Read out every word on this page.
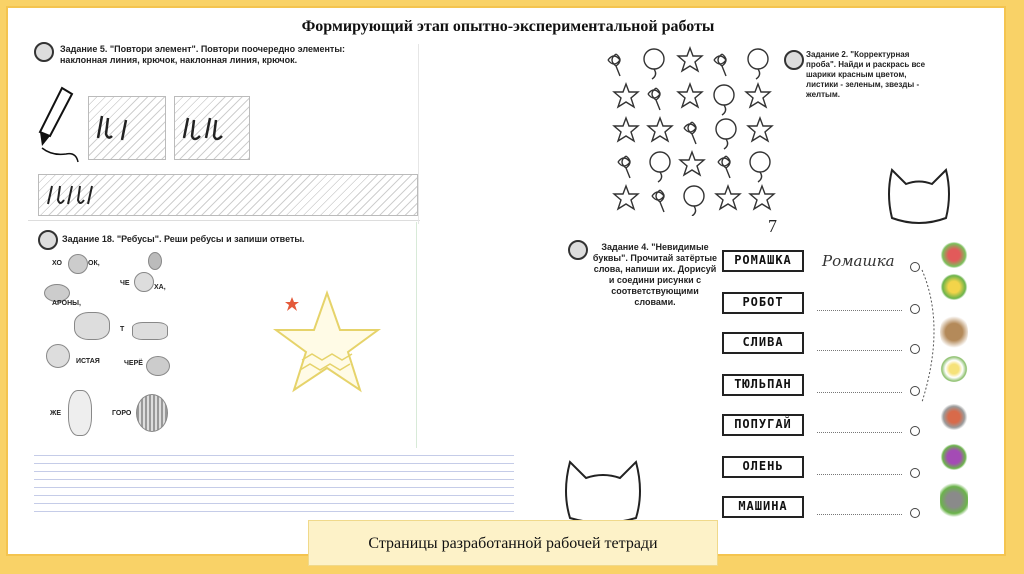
Формирующий этап опытно-экспериментальной работы
Задание 5. "Повтори элемент". Повтори поочередно элементы: наклонная линия, крючок, наклонная линия, крючок.
Задание 18. "Ребусы". Реши ребусы и запиши ответы.
ХО	ОК,
ЧЕ
ХА,
АРОНЫ,
Т
ИСТАЯ	ЧЕРЁ
ЖЕ	ГОРО
Задание 2. "Корректурная проба". Найди и раскрась все шарики красным цветом, листики - зеленым, звезды - желтым.
7
Задание 4. "Невидимые буквы". Прочитай затёртые слова, напиши их. Дорисуй и соедини рисунки с соответствующими словами.
РОМАШКА	Ромашка
РОБОТ
СЛИВА
ТЮЛЬПАН
ПОПУГАЙ
ОЛЕНЬ
МАШИНА
Страницы разработанной рабочей тетради
